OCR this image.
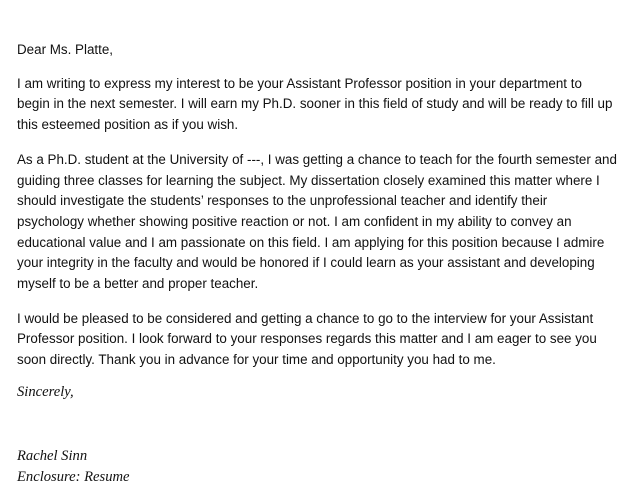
Dear Ms. Platte,

I am writing to express my interest to be your Assistant Professor position in your department to begin in the next semester. I will earn my Ph.D. sooner in this field of study and will be ready to fill up this esteemed position as if you wish.

As a Ph.D. student at the University of ---, I was getting a chance to teach for the fourth semester and guiding three classes for learning the subject. My dissertation closely examined this matter where I should investigate the students’ responses to the unprofessional teacher and identify their psychology whether showing positive reaction or not. I am confident in my ability to convey an educational value and I am passionate on this field. I am applying for this position because I admire your integrity in the faculty and would be honored if I could learn as your assistant and developing myself to be a better and proper teacher.

I would be pleased to be considered and getting a chance to go to the interview for your Assistant Professor position. I look forward to your responses regards this matter and I am eager to see you soon directly. Thank you in advance for your time and opportunity you had to me.

Sincerely,

Rachel Sinn

Enclosure: Resume
